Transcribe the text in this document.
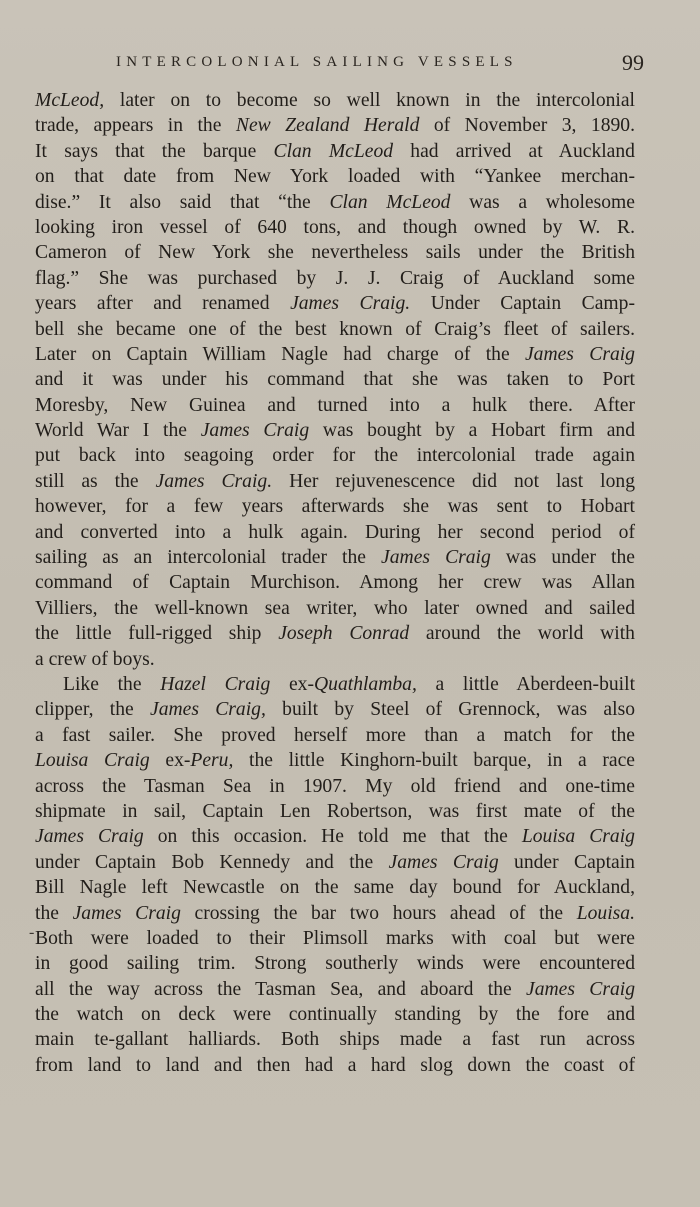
INTERCOLONIAL SAILING VESSELS	99
McLeod, later on to become so well known in the intercolonial
trade, appears in the New Zealand Herald of November 3, 1890.
It says that the barque Clan McLeod had arrived at Auckland
on that date from New York loaded with “Yankee merchan-
dise.” It also said that “the Clan McLeod was a wholesome
looking iron vessel of 640 tons, and though owned by W. R.
Cameron of New York she nevertheless sails under the British
flag.” She was purchased by J. J. Craig of Auckland some
years after and renamed James Craig. Under Captain Camp-
bell she became one of the best known of Craig’s fleet of sailers.
Later on Captain William Nagle had charge of the James Craig
and it was under his command that she was taken to Port
Moresby, New Guinea and turned into a hulk there. After
World War I the James Craig was bought by a Hobart firm and
put back into seagoing order for the intercolonial trade again
still as the James Craig. Her rejuvenescence did not last long
however, for a few years afterwards she was sent to Hobart
and converted into a hulk again. During her second period of
sailing as an intercolonial trader the James Craig was under the
command of Captain Murchison. Among her crew was Allan
Villiers, the well-known sea writer, who later owned and sailed
the little full-rigged ship Joseph Conrad around the world with
a crew of boys.
Like the Hazel Craig ex-Quathlamba, a little Aberdeen-built
clipper, the James Craig, built by Steel of Grennock, was also
a fast sailer. She proved herself more than a match for the
Louisa Craig ex-Peru, the little Kinghorn-built barque, in a race
across the Tasman Sea in 1907. My old friend and one-time
shipmate in sail, Captain Len Robertson, was first mate of the
James Craig on this occasion. He told me that the Louisa Craig
under Captain Bob Kennedy and the James Craig under Captain
Bill Nagle left Newcastle on the same day bound for Auckland,
the James Craig crossing the bar two hours ahead of the Louisa.
Both were loaded to their Plimsoll marks with coal but were
in good sailing trim. Strong southerly winds were encountered
all the way across the Tasman Sea, and aboard the James Craig
the watch on deck were continually standing by the fore and
main te-gallant halliards. Both ships made a fast run across
from land to land and then had a hard slog down the coast of
-
